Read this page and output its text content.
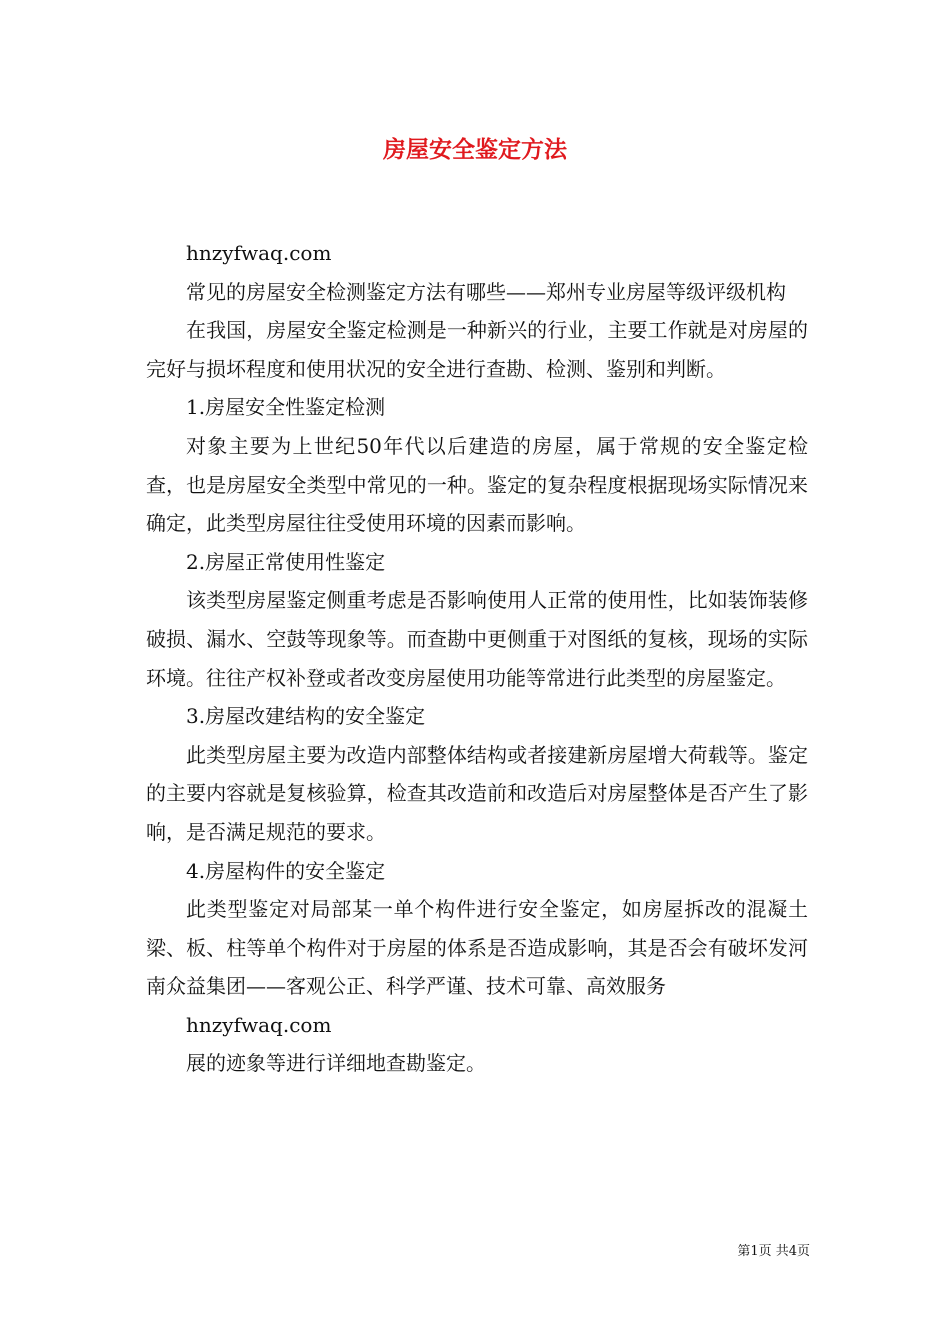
房屋安全鉴定方法

hnzyfwaq.com

常见的房屋安全检测鉴定方法有哪些——郑州专业房屋等级评级机构

在我国，房屋安全鉴定检测是一种新兴的行业，主要工作就是对房屋的完好与损坏程度和使用状况的安全进行查勘、检测、鉴别和判断。

1.房屋安全性鉴定检测

对象主要为上世纪50年代以后建造的房屋，属于常规的安全鉴定检查，也是房屋安全类型中常见的一种。鉴定的复杂程度根据现场实际情况来确定，此类型房屋往往受使用环境的因素而影响。

2.房屋正常使用性鉴定

该类型房屋鉴定侧重考虑是否影响使用人正常的使用性，比如装饰装修破损、漏水、空鼓等现象等。而查勘中更侧重于对图纸的复核，现场的实际环境。往往产权补登或者改变房屋使用功能等常进行此类型的房屋鉴定。

3.房屋改建结构的安全鉴定

此类型房屋主要为改造内部整体结构或者接建新房屋增大荷载等。鉴定的主要内容就是复核验算，检查其改造前和改造后对房屋整体是否产生了影响，是否满足规范的要求。

4.房屋构件的安全鉴定

此类型鉴定对局部某一单个构件进行安全鉴定，如房屋拆改的混凝土梁、板、柱等单个构件对于房屋的体系是否造成影响，其是否会有破坏发河南众益集团——客观公正、科学严谨、技术可靠、高效服务

hnzyfwaq.com

展的迹象等进行详细地查勘鉴定。

第1页 共4页
